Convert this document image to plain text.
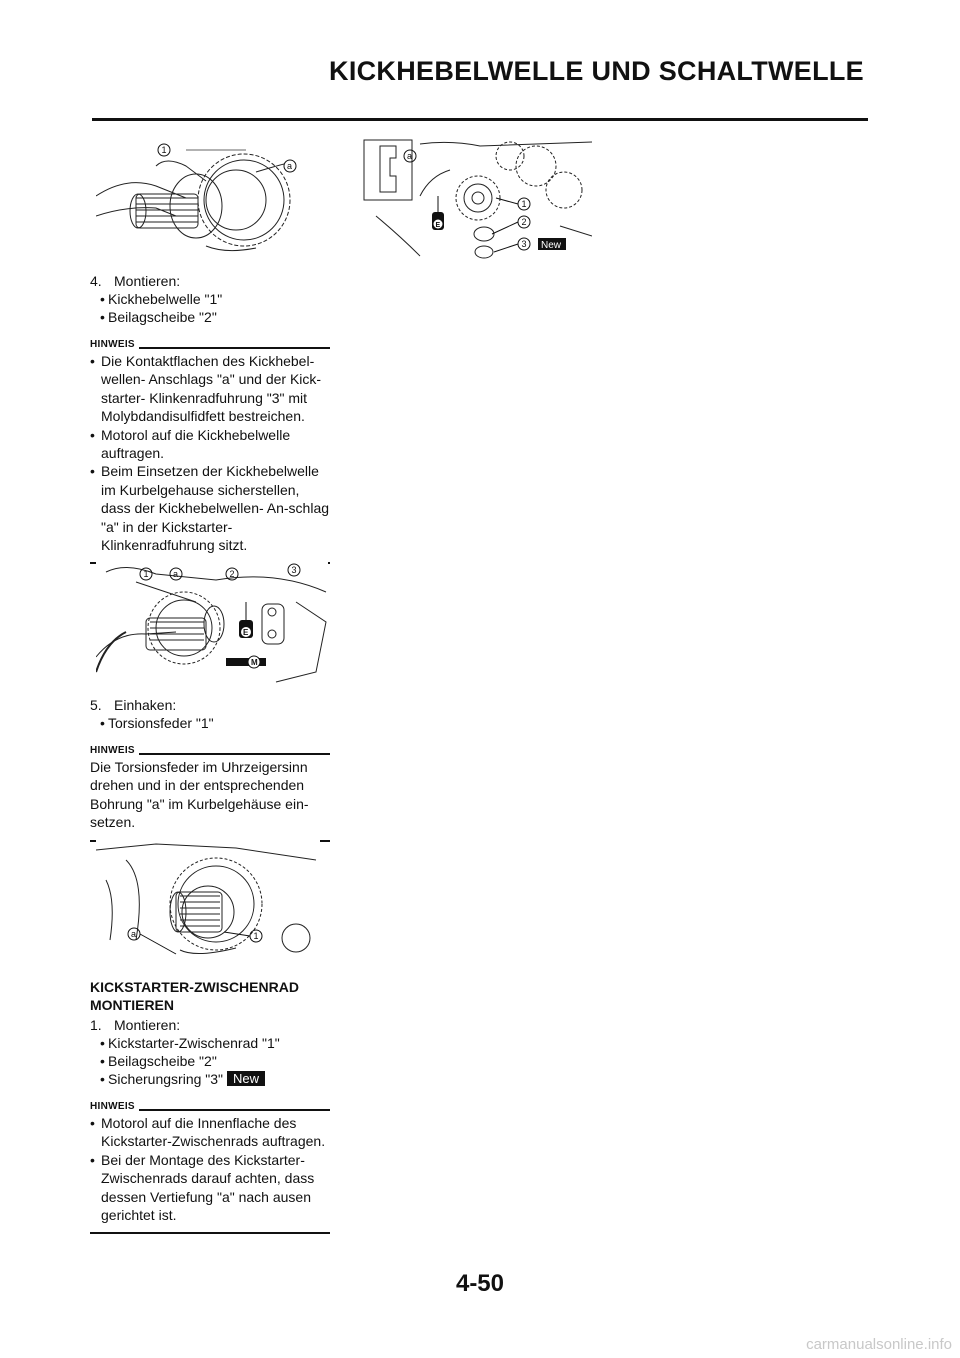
KICKHEBELWELLE UND SCHALTWELLE
1
a
4. Montieren:
• Kickhebelwelle "1"
• Beilagscheibe "2"
HINWEIS
• Die Kontaktflachen des Kickhebel-wellen- Anschlags "a" und der Kick-starter- Klinkenradfuhrung "3" mit Molybdandisulfidfett bestreichen.
• Motorol auf die Kickhebelwelle auftragen.
• Beim Einsetzen der Kickhebelwelle im Kurbelgehause sicherstellen, dass der Kickhebelwellen- An-schlag "a" in der Kickstarter-Klinkenradfuhrung sitzt.
1	a	2	3
E
M
5. Einhaken:
• Torsionsfeder "1"
HINWEIS
Die Torsionsfeder im Uhrzeigersinn drehen und in der entsprechenden Bohrung "a" im Kurbelgehäuse ein-setzen.
a	1
KICKSTARTER-ZWISCHENRAD MONTIEREN
1. Montieren:
• Kickstarter-Zwischenrad "1"
• Beilagscheibe "2"
• Sicherungsring "3" New
HINWEIS
• Motorol auf die Innenflache des Kickstarter-Zwischenrads auftragen.
• Bei der Montage des Kickstarter-Zwischenrads darauf achten, dass dessen Vertiefung "a" nach ausen gerichtet ist.
a
1
2
3 New
E
4-50
carmanualsonline.info
